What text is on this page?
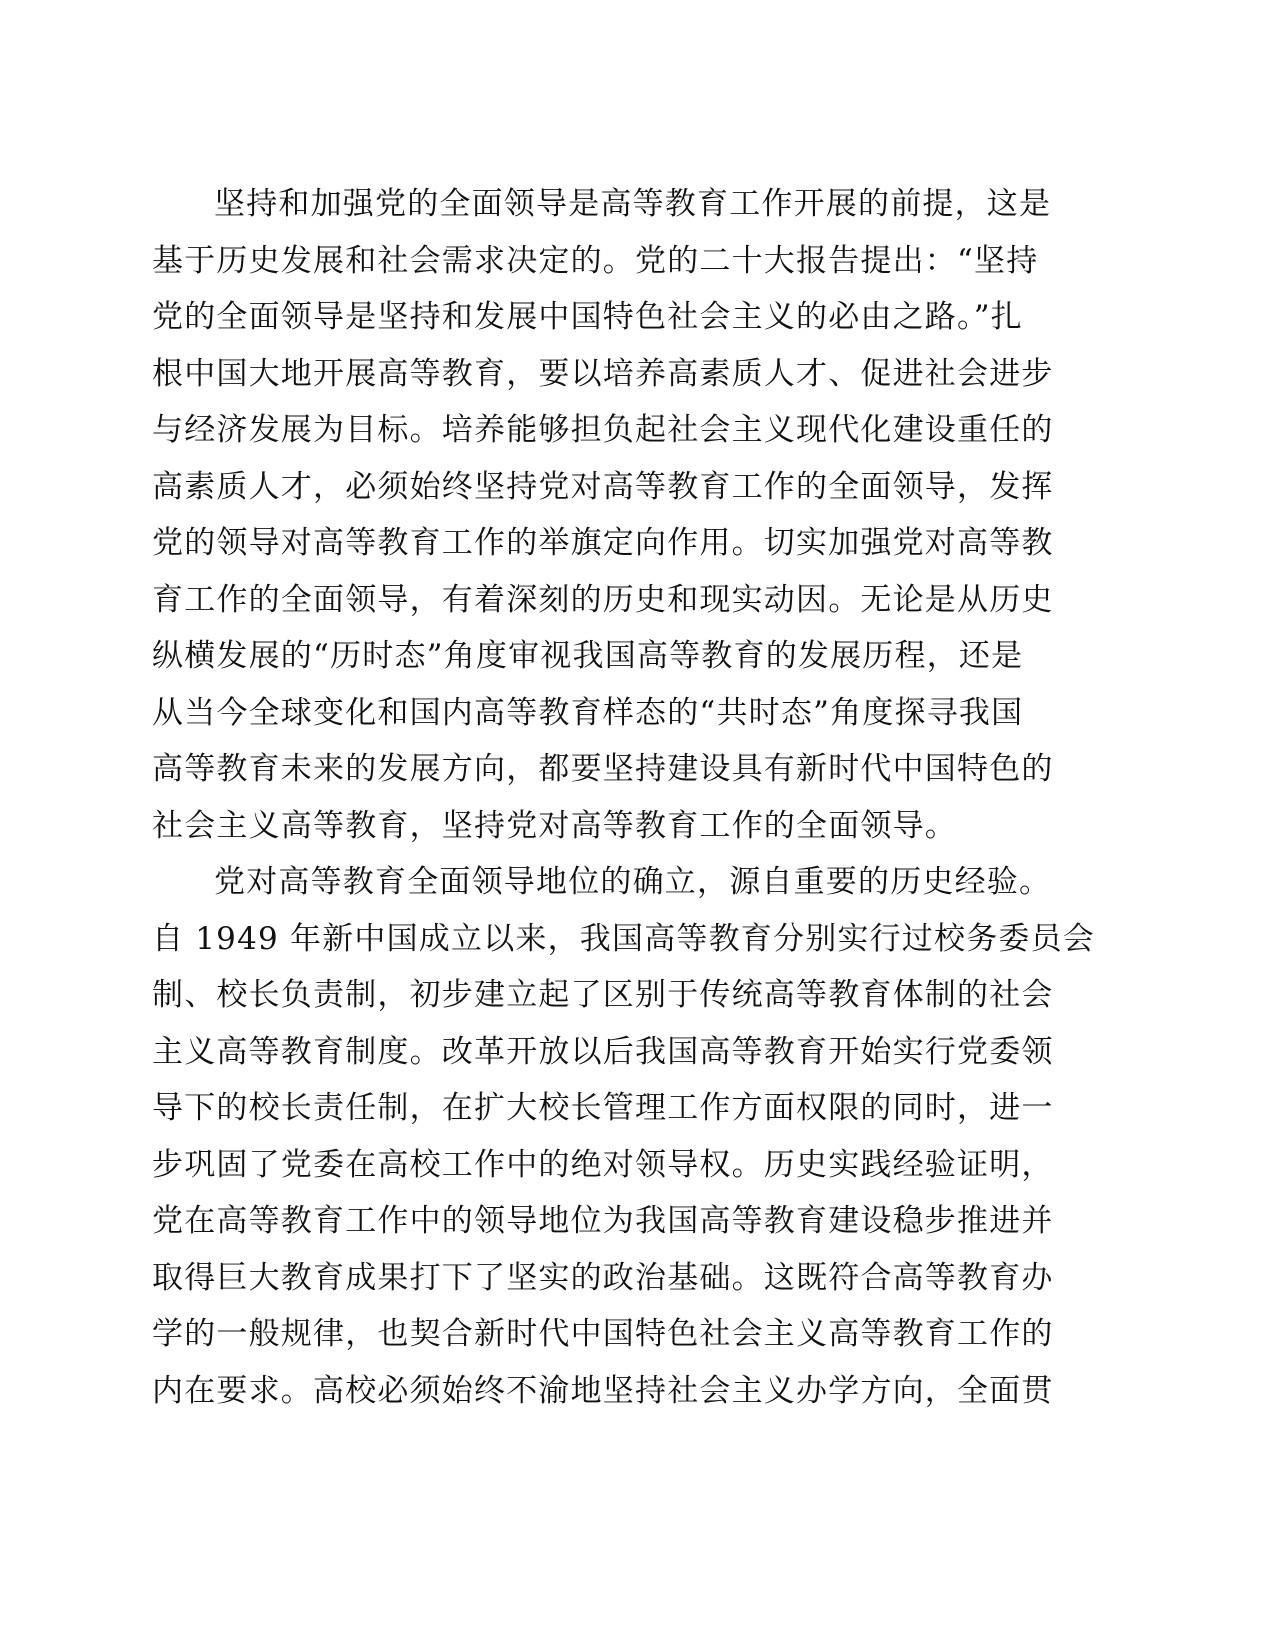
坚持和加强党的全面领导是高等教育工作开展的前提，这是
基于历史发展和社会需求决定的。党的二十大报告提出：“坚持
党的全面领导是坚持和发展中国特色社会主义的必由之路。”扎
根中国大地开展高等教育，要以培养高素质人才、促进社会进步
与经济发展为目标。培养能够担负起社会主义现代化建设重任的
高素质人才，必须始终坚持党对高等教育工作的全面领导，发挥
党的领导对高等教育工作的举旗定向作用。切实加强党对高等教
育工作的全面领导，有着深刻的历史和现实动因。无论是从历史
纵横发展的“历时态”角度审视我国高等教育的发展历程，还是
从当今全球变化和国内高等教育样态的“共时态”角度探寻我国
高等教育未来的发展方向，都要坚持建设具有新时代中国特色的
社会主义高等教育，坚持党对高等教育工作的全面领导。
党对高等教育全面领导地位的确立，源自重要的历史经验。
自 1949 年新中国成立以来，我国高等教育分别实行过校务委员会
制、校长负责制，初步建立起了区别于传统高等教育体制的社会
主义高等教育制度。改革开放以后我国高等教育开始实行党委领
导下的校长责任制，在扩大校长管理工作方面权限的同时，进一
步巩固了党委在高校工作中的绝对领导权。历史实践经验证明，
党在高等教育工作中的领导地位为我国高等教育建设稳步推进并
取得巨大教育成果打下了坚实的政治基础。这既符合高等教育办
学的一般规律，也契合新时代中国特色社会主义高等教育工作的
内在要求。高校必须始终不渝地坚持社会主义办学方向，全面贯
